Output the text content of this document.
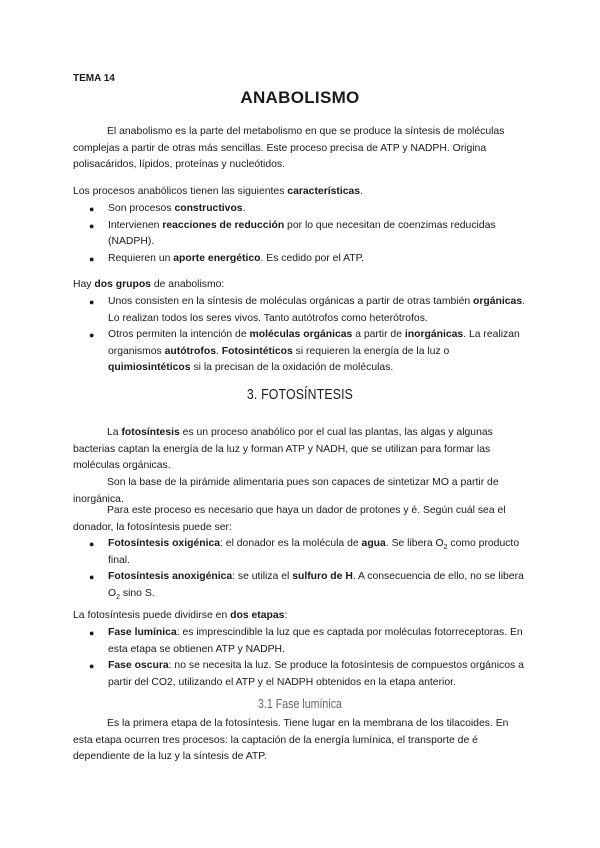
TEMA 14
ANABOLISMO
El anabolismo es la parte del metabolismo en que se produce la síntesis de moléculas complejas a partir de otras más sencillas. Este proceso precisa de ATP y NADPH. Origina polisacáridos, lípidos, proteínas y nucleótidos.
Los procesos anabólicos tienen las siguientes características.
● Son procesos constructivos.
● Intervienen reacciones de reducción por lo que necesitan de coenzimas reducidas (NADPH).
● Requieren un aporte energético. Es cedido por el ATP.
Hay dos grupos de anabolismo:
● Unos consisten en la síntesis de moléculas orgánicas a partir de otras también orgánicas. Lo realizan todos los seres vivos. Tanto autótrofos como heterótrofos.
● Otros permiten la intención de moléculas orgánicas a partir de inorgánicas. La realizan organismos autótrofos. Fotosintéticos si requieren la energía de la luz o quimiosintéticos si la precisan de la oxidación de moléculas.
3. FOTOSÍNTESIS
La fotosíntesis es un proceso anabólico por el cual las plantas, las algas y algunas bacterias captan la energía de la luz y forman ATP y NADH, que se utilizan para formar las moléculas orgánicas.
Son la base de la pirámide alimentaria pues son capaces de sintetizar MO a partir de inorgánica.
Para este proceso es necesario que haya un dador de protones y é. Según cuál sea el donador, la fotosíntesis puede ser:
● Fotosíntesis oxigénica: el donador es la molécula de agua. Se libera $O_2$ como producto final.
● Fotosíntesis anoxigénica: se utiliza el sulfuro de H. A consecuencia de ello, no se libera $O_2$ sino S.
La fotosíntesis puede dividirse en dos etapas:
● Fase lumínica: es imprescindible la luz que es captada por moléculas fotorreceptoras. En esta etapa se obtienen ATP y NADPH.
● Fase oscura: no se necesita la luz. Se produce la fotosíntesis de compuestos orgánicos a partir del CO2, utilizando el ATP y el NADPH obtenidos en la etapa anterior.
3.1 Fase lumínica
Es la primera etapa de la fotosíntesis. Tiene lugar en la membrana de los tilacoides. En esta etapa ocurren tres procesos: la captación de la energía lumínica, el transporte de é dependiente de la luz y la síntesis de ATP.
